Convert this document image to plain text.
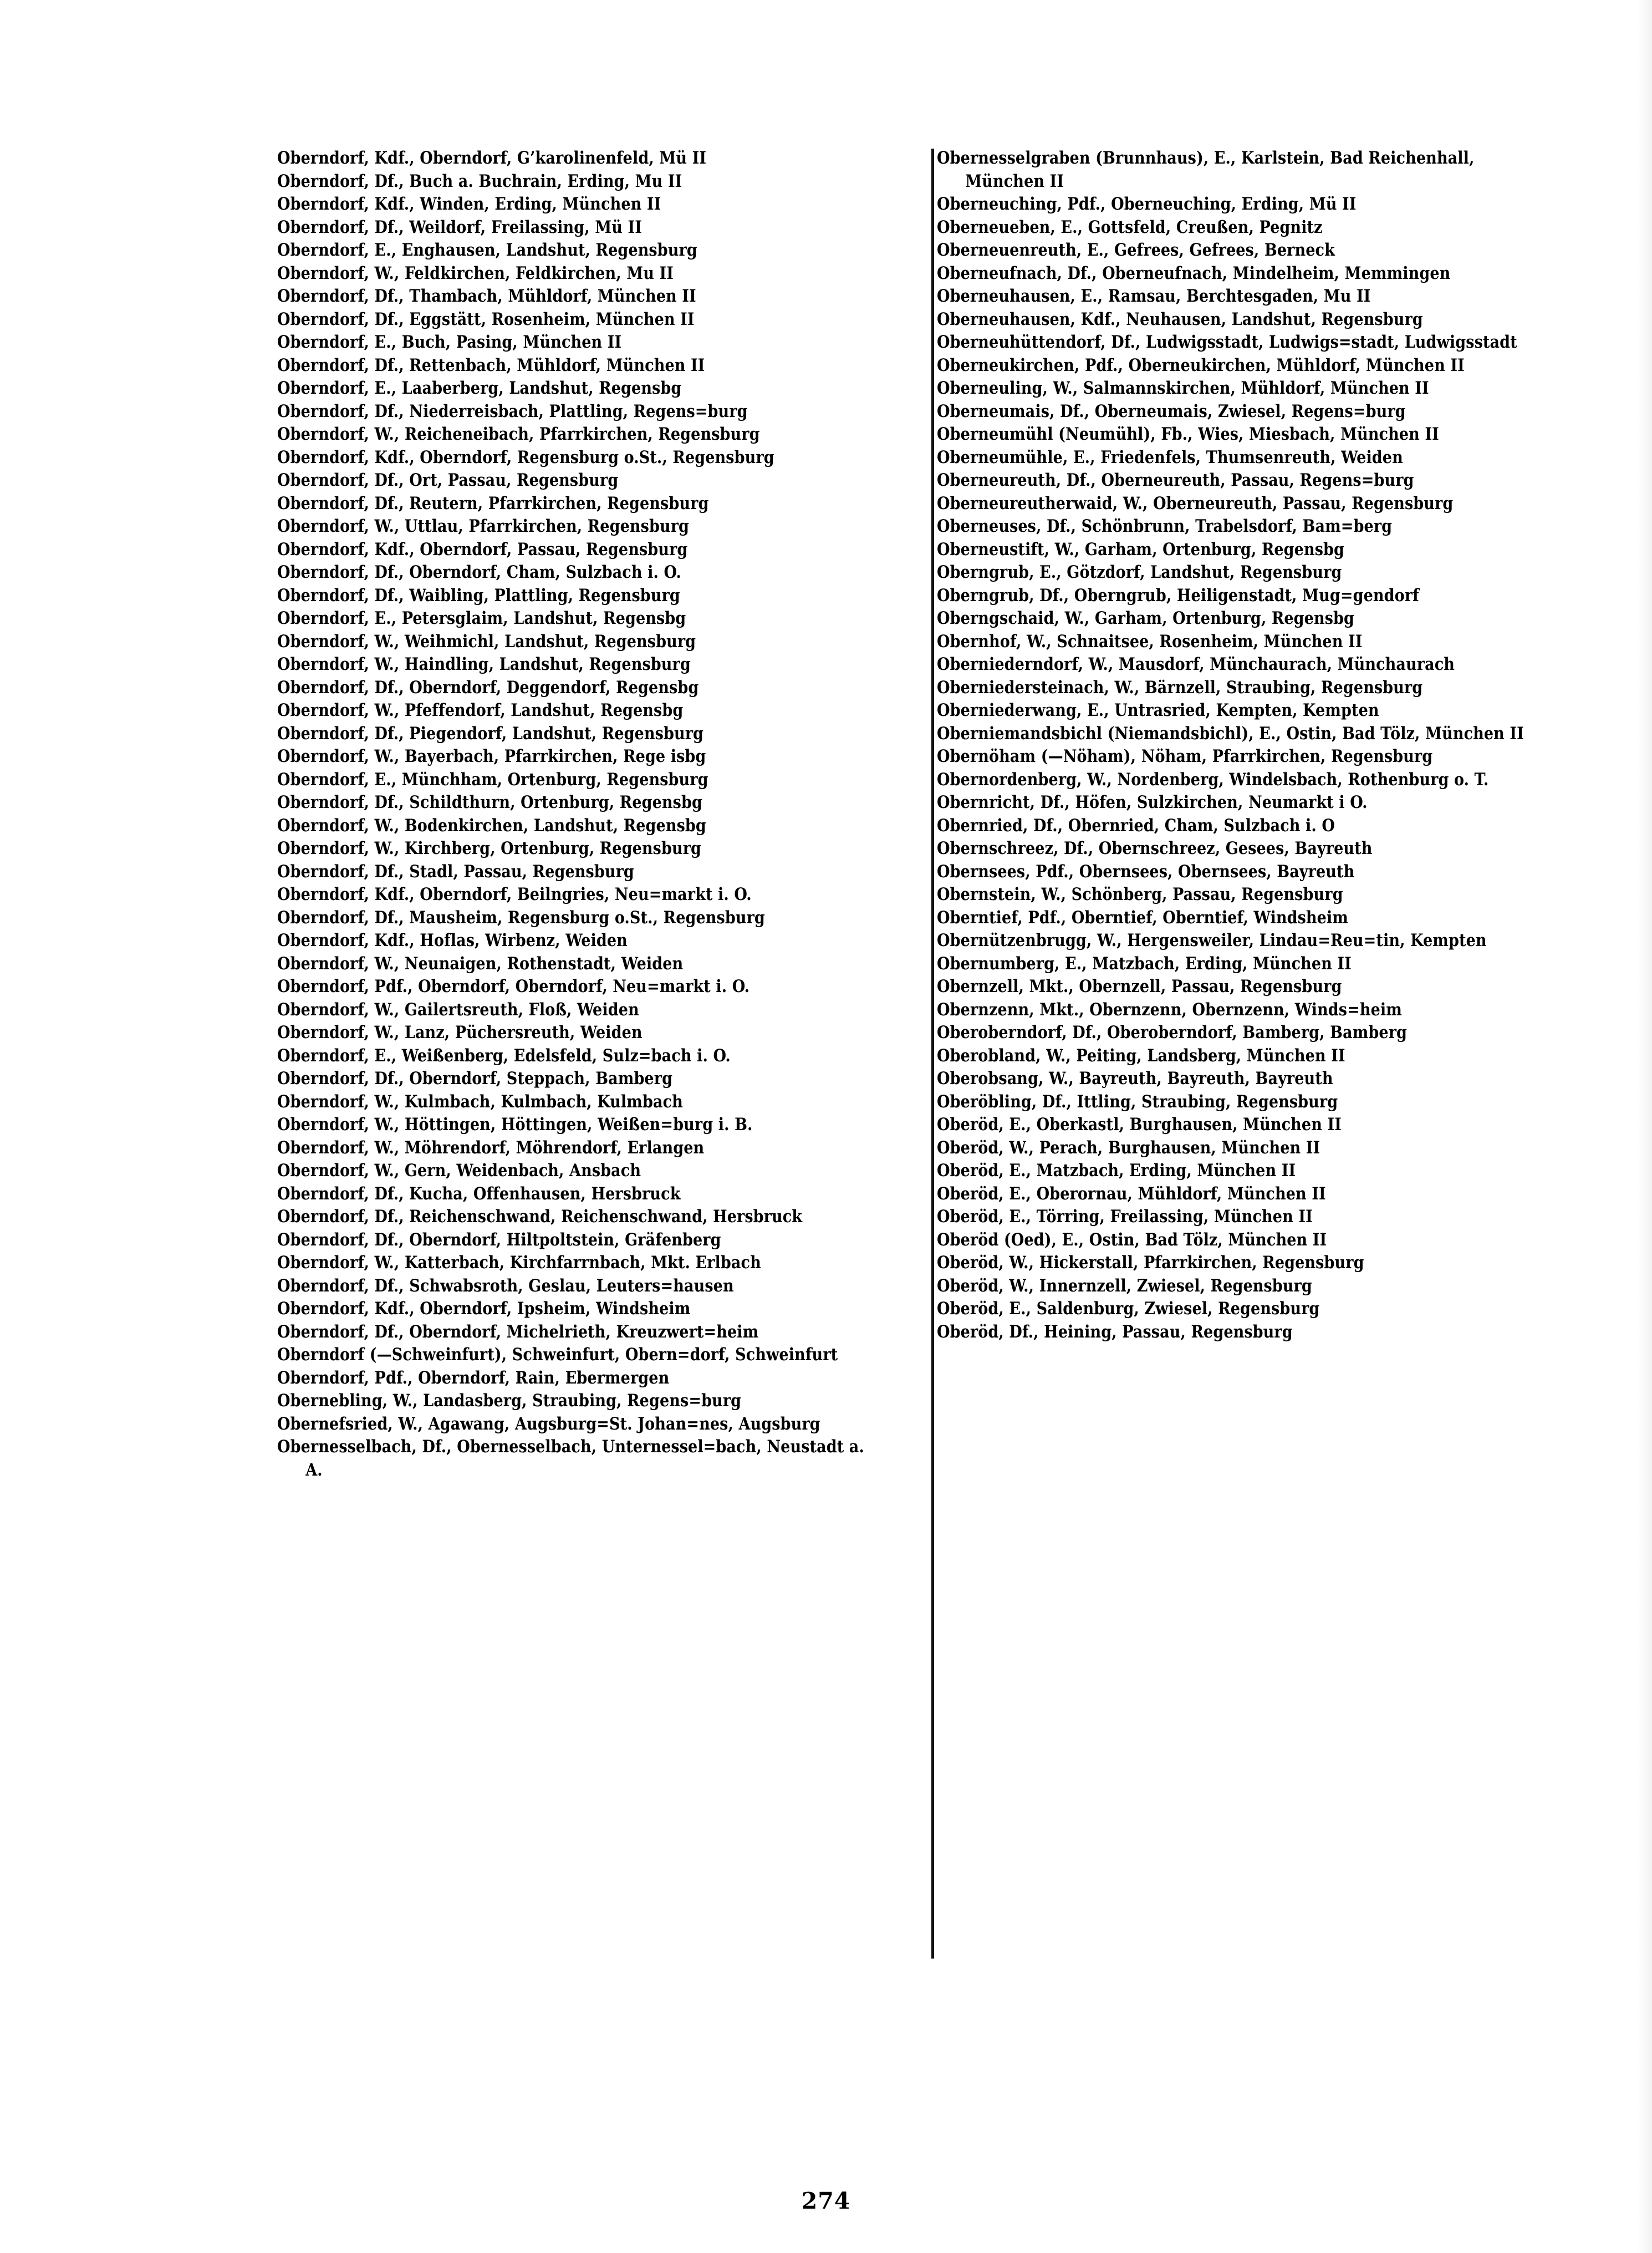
Oberndorf, Kdf., Oberndorf, G’karolinenfeld, Mü II

Oberndorf, Df., Buch a. Buchrain, Erding, Mu II

Oberndorf, Kdf., Winden, Erding, München II

Oberndorf, Df., Weildorf, Freilassing, Mü II

Oberndorf, E., Enghausen, Landshut, Regensburg

Oberndorf, W., Feldkirchen, Feldkirchen, Mu II

Oberndorf, Df., Thambach, Mühldorf, München II

Oberndorf, Df., Eggstätt, Rosenheim, München II

Oberndorf, E., Buch, Pasing, München II

Oberndorf, Df., Rettenbach, Mühldorf, München II

Oberndorf, E., Laaberberg, Landshut, Regensbg

Oberndorf, Df., Niederreisbach, Plattling, Regens=burg

Oberndorf, W., Reicheneibach, Pfarrkirchen, Regensburg

Oberndorf, Kdf., Oberndorf, Regensburg o.St., Regensburg

Oberndorf, Df., Ort, Passau, Regensburg

Oberndorf, Df., Reutern, Pfarrkirchen, Regensburg

Oberndorf, W., Uttlau, Pfarrkirchen, Regensburg

Oberndorf, Kdf., Oberndorf, Passau, Regensburg

Oberndorf, Df., Oberndorf, Cham, Sulzbach i. O.

Oberndorf, Df., Waibling, Plattling, Regensburg

Oberndorf, E., Petersglaim, Landshut, Regensbg

Oberndorf, W., Weihmichl, Landshut, Regensburg

Oberndorf, W., Haindling, Landshut, Regensburg

Oberndorf, Df., Oberndorf, Deggendorf, Regensbg

Oberndorf, W., Pfeffendorf, Landshut, Regensbg

Oberndorf, Df., Piegendorf, Landshut, Regensburg

Oberndorf, W., Bayerbach, Pfarrkirchen, Rege isbg

Oberndorf, E., Münchham, Ortenburg, Regensburg

Oberndorf, Df., Schildthurn, Ortenburg, Regensbg

Oberndorf, W., Bodenkirchen, Landshut, Regensbg

Oberndorf, W., Kirchberg, Ortenburg, Regensburg

Oberndorf, Df., Stadl, Passau, Regensburg

Oberndorf, Kdf., Oberndorf, Beilngries, Neu=markt i. O.

Oberndorf, Df., Mausheim, Regensburg o.St., Regensburg

Oberndorf, Kdf., Hoflas, Wirbenz, Weiden

Oberndorf, W., Neunaigen, Rothenstadt, Weiden

Oberndorf, Pdf., Oberndorf, Oberndorf, Neu=markt i. O.

Oberndorf, W., Gailertsreuth, Floß, Weiden

Oberndorf, W., Lanz, Püchersreuth, Weiden

Oberndorf, E., Weißenberg, Edelsfeld, Sulz=bach i. O.

Oberndorf, Df., Oberndorf, Steppach, Bamberg

Oberndorf, W., Kulmbach, Kulmbach, Kulmbach

Oberndorf, W., Höttingen, Höttingen, Weißen=burg i. B.

Oberndorf, W., Möhrendorf, Möhrendorf, Erlangen

Oberndorf, W., Gern, Weidenbach, Ansbach

Oberndorf, Df., Kucha, Offenhausen, Hersbruck

Oberndorf, Df., Reichenschwand, Reichenschwand, Hersbruck

Oberndorf, Df., Oberndorf, Hiltpoltstein, Gräfenberg

Oberndorf, W., Katterbach, Kirchfarrnbach, Mkt. Erlbach

Oberndorf, Df., Schwabsroth, Geslau, Leuters=hausen

Oberndorf, Kdf., Oberndorf, Ipsheim, Windsheim

Oberndorf, Df., Oberndorf, Michelrieth, Kreuzwert=heim

Oberndorf (—Schweinfurt), Schweinfurt, Obern=dorf, Schweinfurt

Oberndorf, Pdf., Oberndorf, Rain, Ebermergen

Obernebling, W., Landasberg, Straubing, Regens=burg

Obernefsried, W., Agawang, Augsburg=St. Johan=nes, Augsburg

Obernesselbach, Df., Obernesselbach, Unternessel=bach, Neustadt a. A.

Obernesselgraben (Brunnhaus), E., Karlstein, Bad Reichenhall, München II

Oberneuching, Pdf., Oberneuching, Erding, Mü II

Oberneueben, E., Gottsfeld, Creußen, Pegnitz

Oberneuenreuth, E., Gefrees, Gefrees, Berneck

Oberneufnach, Df., Oberneufnach, Mindelheim, Memmingen

Oberneuhausen, E., Ramsau, Berchtesgaden, Mu II

Oberneuhausen, Kdf., Neuhausen, Landshut, Regensburg

Oberneuhüttendorf, Df., Ludwigsstadt, Ludwigs=stadt, Ludwigsstadt

Oberneukirchen, Pdf., Oberneukirchen, Mühldorf, München II

Oberneuling, W., Salmannskirchen, Mühldorf, München II

Oberneumais, Df., Oberneumais, Zwiesel, Regens=burg

Oberneumühl (Neumühl), Fb., Wies, Miesbach, München II

Oberneumühle, E., Friedenfels, Thumsenreuth, Weiden

Oberneureuth, Df., Oberneureuth, Passau, Regens=burg

Oberneureutherwaid, W., Oberneureuth, Passau, Regensburg

Oberneuses, Df., Schönbrunn, Trabelsdorf, Bam=berg

Oberneustift, W., Garham, Ortenburg, Regensbg

Oberngrub, E., Götzdorf, Landshut, Regensburg

Oberngrub, Df., Oberngrub, Heiligenstadt, Mug=gendorf

Oberngschaid, W., Garham, Ortenburg, Regensbg

Obernhof, W., Schnaitsee, Rosenheim, München II

Oberniederndorf, W., Mausdorf, Münchaurach, Münchaurach

Oberniedersteinach, W., Bärnzell, Straubing, Regensburg

Oberniederwang, E., Untrasried, Kempten, Kempten

Oberniemandsbichl (Niemandsbichl), E., Ostin, Bad Tölz, München II

Obernöham (—Nöham), Nöham, Pfarrkirchen, Regensburg

Obernordenberg, W., Nordenberg, Windelsbach, Rothenburg o. T.

Obernricht, Df., Höfen, Sulzkirchen, Neumarkt i O.

Obernried, Df., Obernried, Cham, Sulzbach i. O

Obernschreez, Df., Obernschreez, Gesees, Bayreuth

Obernsees, Pdf., Obernsees, Obernsees, Bayreuth

Obernstein, W., Schönberg, Passau, Regensburg

Oberntief, Pdf., Oberntief, Oberntief, Windsheim

Obernützenbrugg, W., Hergensweiler, Lindau=Reu=tin, Kempten

Obernumberg, E., Matzbach, Erding, München II

Obernzell, Mkt., Obernzell, Passau, Regensburg

Obernzenn, Mkt., Obernzenn, Obernzenn, Winds=heim

Oberoberndorf, Df., Oberoberndorf, Bamberg, Bamberg

Oberobland, W., Peiting, Landsberg, München II

Oberobsang, W., Bayreuth, Bayreuth, Bayreuth

Oberöbling, Df., Ittling, Straubing, Regensburg

Oberöd, E., Oberkastl, Burghausen, München II

Oberöd, W., Perach, Burghausen, München II

Oberöd, E., Matzbach, Erding, München II

Oberöd, E., Oberornau, Mühldorf, München II

Oberöd, E., Törring, Freilassing, München II

Oberöd (Oed), E., Ostin, Bad Tölz, München II

Oberöd, W., Hickerstall, Pfarrkirchen, Regensburg

Oberöd, W., Innernzell, Zwiesel, Regensburg

Oberöd, E., Saldenburg, Zwiesel, Regensburg

Oberöd, Df., Heining, Passau, Regensburg

274
